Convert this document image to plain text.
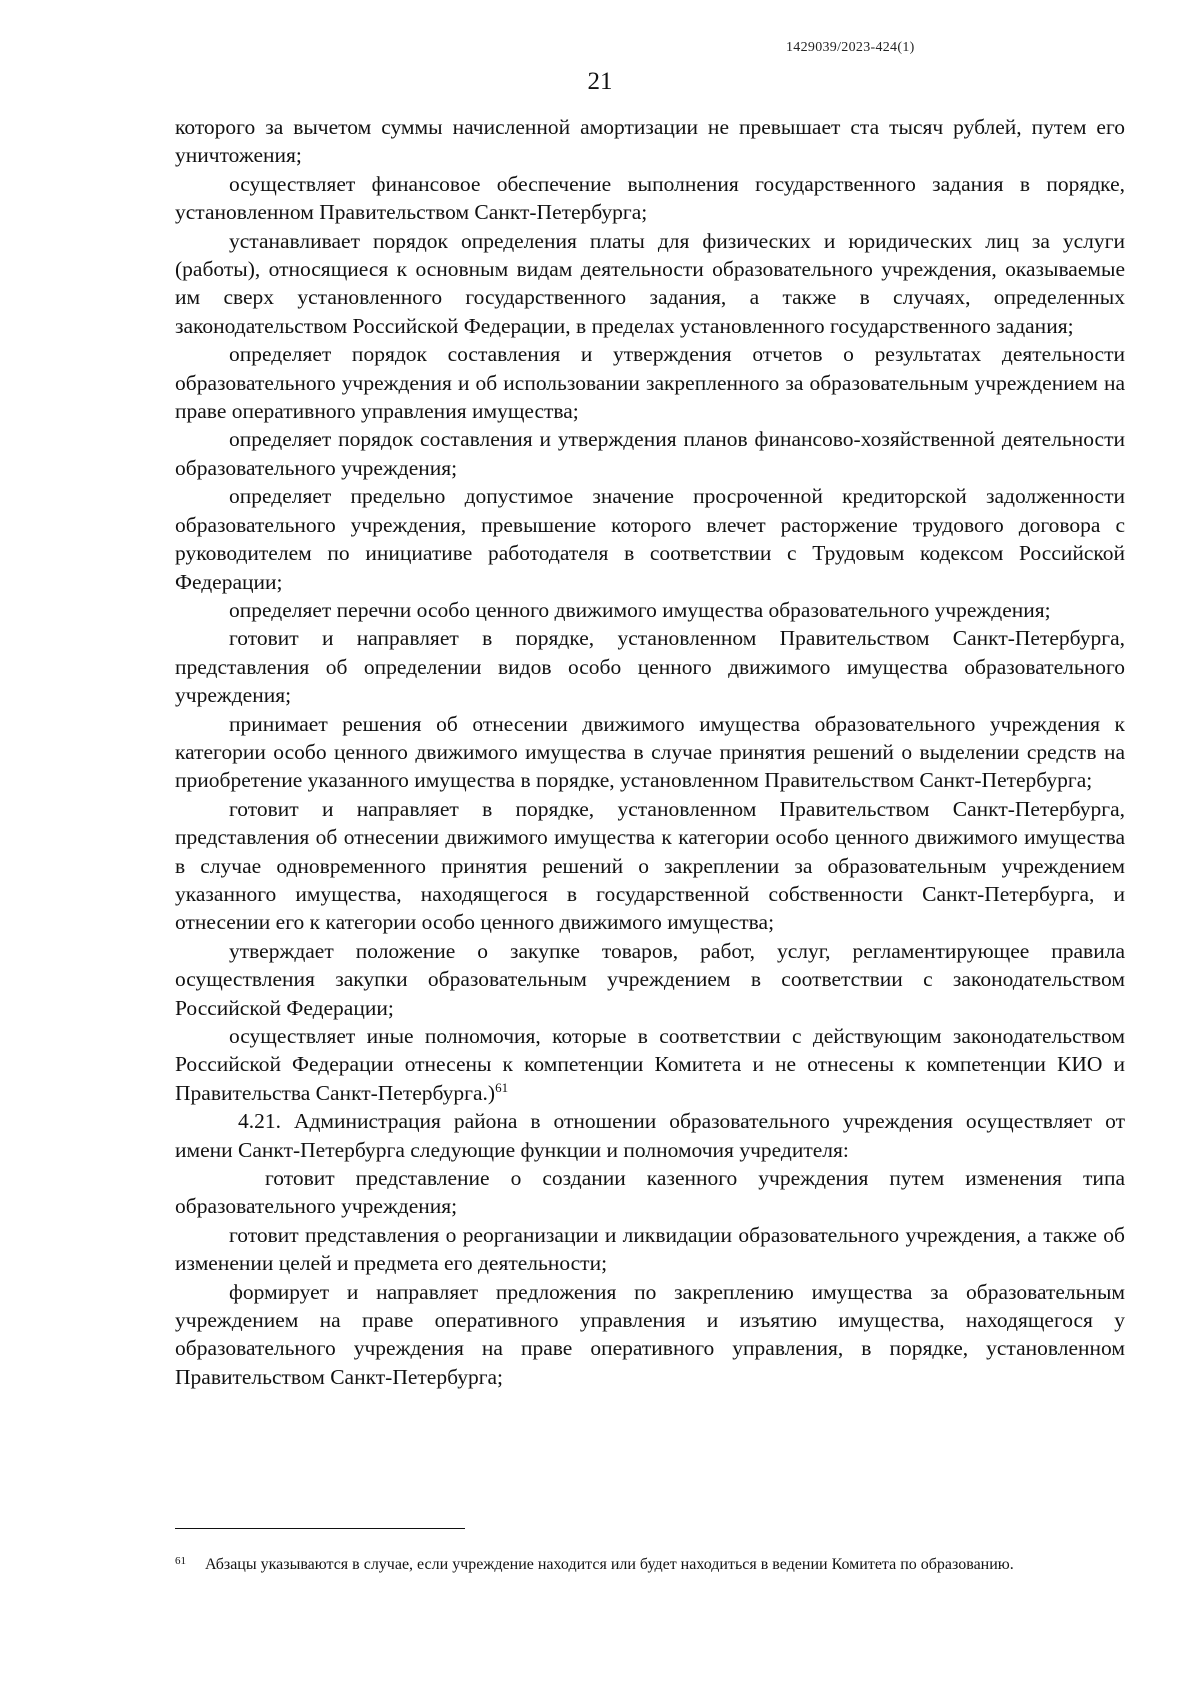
1429039/2023-424(1)
21

которого за вычетом суммы начисленной амортизации не превышает ста тысяч рублей, путем его уничтожения;

осуществляет финансовое обеспечение выполнения государственного задания в порядке, установленном Правительством Санкт-Петербурга;

устанавливает порядок определения платы для физических и юридических лиц за услуги (работы), относящиеся к основным видам деятельности образовательного учреждения, оказываемые им сверх установленного государственного задания, а также в случаях, определенных законодательством Российской Федерации, в пределах установленного государственного задания;

определяет порядок составления и утверждения отчетов о результатах деятельности образовательного учреждения и об использовании закрепленного за образовательным учреждением на праве оперативного управления имущества;

определяет порядок составления и утверждения планов финансово-хозяйственной деятельности образовательного учреждения;

определяет предельно допустимое значение просроченной кредиторской задолженности образовательного учреждения, превышение которого влечет расторжение трудового договора с руководителем по инициативе работодателя в соответствии с Трудовым кодексом Российской Федерации;

определяет перечни особо ценного движимого имущества образовательного учреждения;

готовит и направляет в порядке, установленном Правительством Санкт-Петербурга, представления об определении видов особо ценного движимого имущества образовательного учреждения;

принимает решения об отнесении движимого имущества образовательного учреждения к категории особо ценного движимого имущества в случае принятия решений о выделении средств на приобретение указанного имущества в порядке, установленном Правительством Санкт-Петербурга;

готовит и направляет в порядке, установленном Правительством Санкт-Петербурга, представления об отнесении движимого имущества к категории особо ценного движимого имущества в случае одновременного принятия решений о закреплении за образовательным учреждением указанного имущества, находящегося в государственной собственности Санкт-Петербурга, и отнесении его к категории особо ценного движимого имущества;

утверждает положение о закупке товаров, работ, услуг, регламентирующее правила осуществления закупки образовательным учреждением в соответствии с законодательством Российской Федерации;

осуществляет иные полномочия, которые в соответствии с действующим законодательством Российской Федерации отнесены к компетенции Комитета и не отнесены к компетенции КИО и Правительства Санкт-Петербурга.)$^{61}$

4.21. Администрация района в отношении образовательного учреждения осуществляет от имени Санкт-Петербурга следующие функции и полномочия учредителя:

готовит представление о создании казенного учреждения путем изменения типа образовательного учреждения;

готовит представления о реорганизации и ликвидации образовательного учреждения, а также об изменении целей и предмета его деятельности;

формирует и направляет предложения по закреплению имущества за образовательным учреждением на праве оперативного управления и изъятию имущества, находящегося у образовательного учреждения на праве оперативного управления, в порядке, установленном Правительством Санкт-Петербурга;

61	Абзацы указываются в случае, если учреждение находится или будет находиться в ведении Комитета по образованию.
